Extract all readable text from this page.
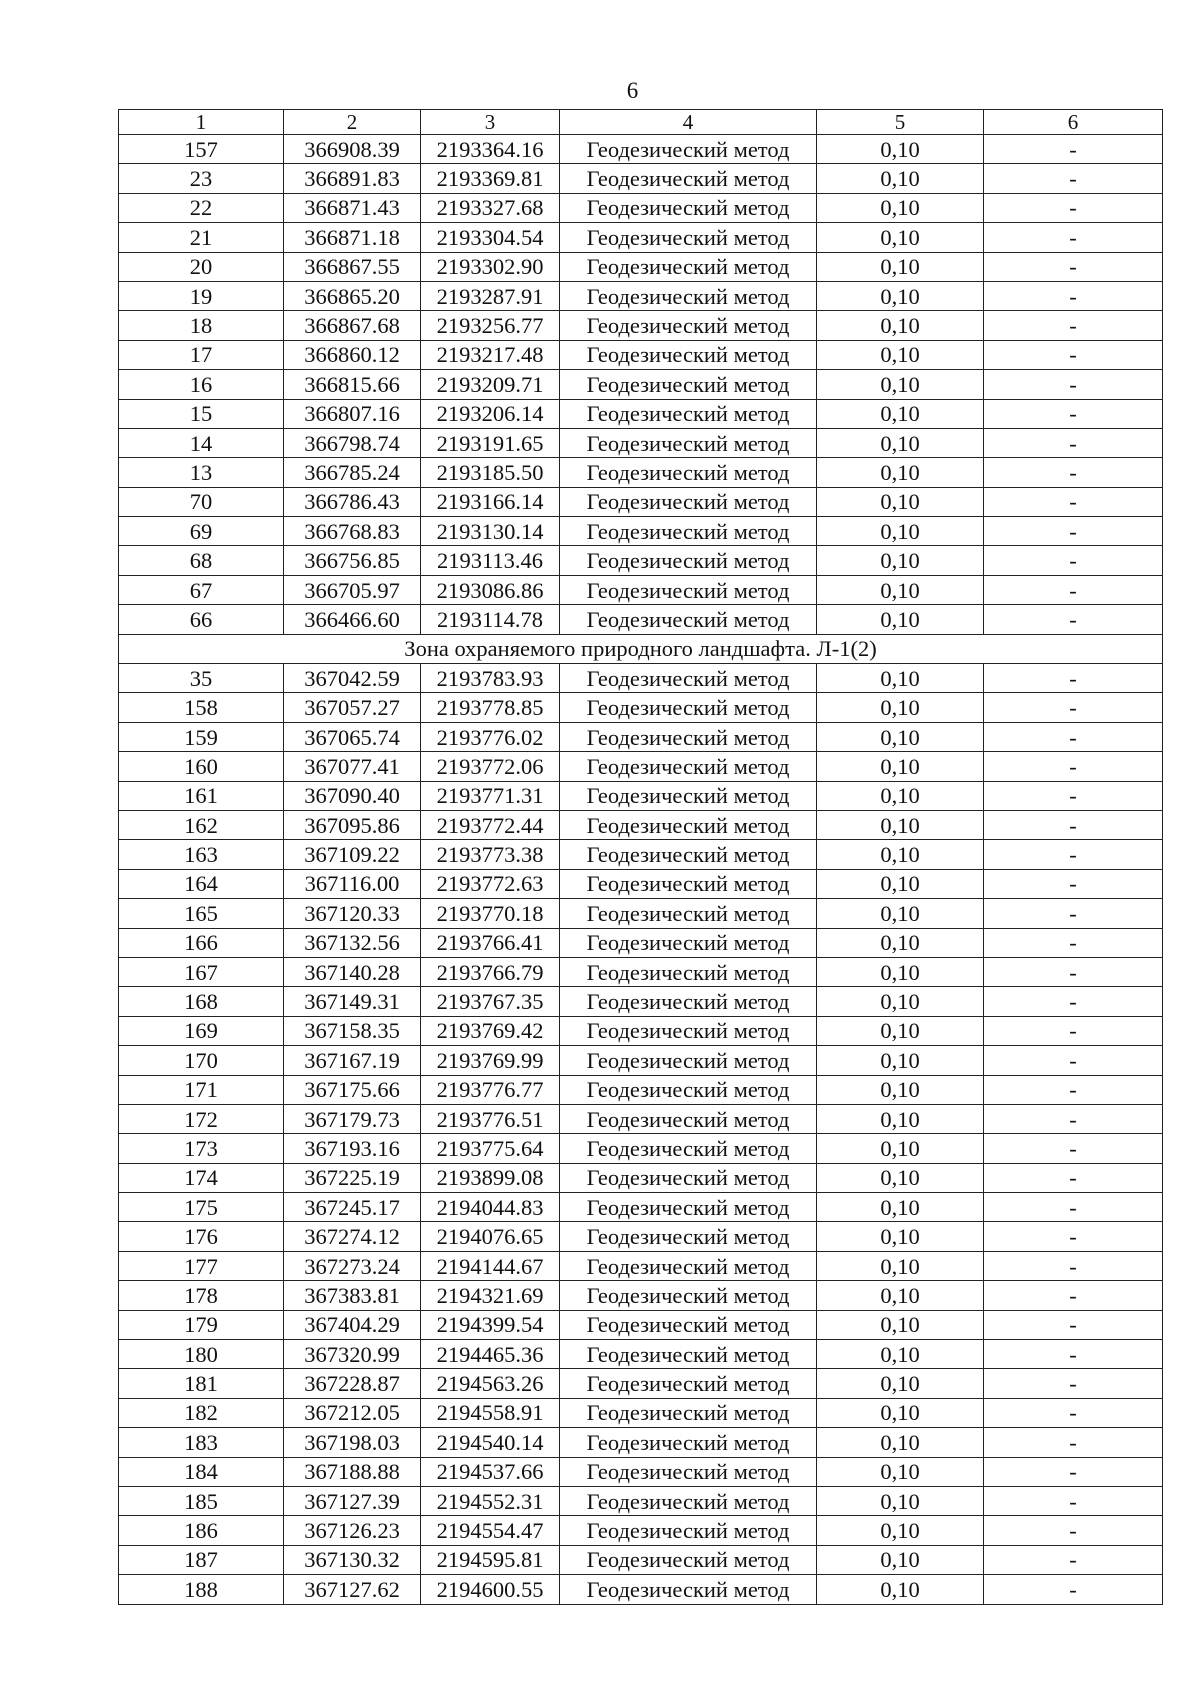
6
1	2	3	4	5	6
157	366908.39	2193364.16	Геодезический метод	0,10	-
23	366891.83	2193369.81	Геодезический метод	0,10	-
22	366871.43	2193327.68	Геодезический метод	0,10	-
21	366871.18	2193304.54	Геодезический метод	0,10	-
20	366867.55	2193302.90	Геодезический метод	0,10	-
19	366865.20	2193287.91	Геодезический метод	0,10	-
18	366867.68	2193256.77	Геодезический метод	0,10	-
17	366860.12	2193217.48	Геодезический метод	0,10	-
16	366815.66	2193209.71	Геодезический метод	0,10	-
15	366807.16	2193206.14	Геодезический метод	0,10	-
14	366798.74	2193191.65	Геодезический метод	0,10	-
13	366785.24	2193185.50	Геодезический метод	0,10	-
70	366786.43	2193166.14	Геодезический метод	0,10	-
69	366768.83	2193130.14	Геодезический метод	0,10	-
68	366756.85	2193113.46	Геодезический метод	0,10	-
67	366705.97	2193086.86	Геодезический метод	0,10	-
66	366466.60	2193114.78	Геодезический метод	0,10	-
Зона охраняемого природного ландшафта. Л-1(2)					
35	367042.59	2193783.93	Геодезический метод	0,10	-
158	367057.27	2193778.85	Геодезический метод	0,10	-
159	367065.74	2193776.02	Геодезический метод	0,10	-
160	367077.41	2193772.06	Геодезический метод	0,10	-
161	367090.40	2193771.31	Геодезический метод	0,10	-
162	367095.86	2193772.44	Геодезический метод	0,10	-
163	367109.22	2193773.38	Геодезический метод	0,10	-
164	367116.00	2193772.63	Геодезический метод	0,10	-
165	367120.33	2193770.18	Геодезический метод	0,10	-
166	367132.56	2193766.41	Геодезический метод	0,10	-
167	367140.28	2193766.79	Геодезический метод	0,10	-
168	367149.31	2193767.35	Геодезический метод	0,10	-
169	367158.35	2193769.42	Геодезический метод	0,10	-
170	367167.19	2193769.99	Геодезический метод	0,10	-
171	367175.66	2193776.77	Геодезический метод	0,10	-
172	367179.73	2193776.51	Геодезический метод	0,10	-
173	367193.16	2193775.64	Геодезический метод	0,10	-
174	367225.19	2193899.08	Геодезический метод	0,10	-
175	367245.17	2194044.83	Геодезический метод	0,10	-
176	367274.12	2194076.65	Геодезический метод	0,10	-
177	367273.24	2194144.67	Геодезический метод	0,10	-
178	367383.81	2194321.69	Геодезический метод	0,10	-
179	367404.29	2194399.54	Геодезический метод	0,10	-
180	367320.99	2194465.36	Геодезический метод	0,10	-
181	367228.87	2194563.26	Геодезический метод	0,10	-
182	367212.05	2194558.91	Геодезический метод	0,10	-
183	367198.03	2194540.14	Геодезический метод	0,10	-
184	367188.88	2194537.66	Геодезический метод	0,10	-
185	367127.39	2194552.31	Геодезический метод	0,10	-
186	367126.23	2194554.47	Геодезический метод	0,10	-
187	367130.32	2194595.81	Геодезический метод	0,10	-
188	367127.62	2194600.55	Геодезический метод	0,10	-
